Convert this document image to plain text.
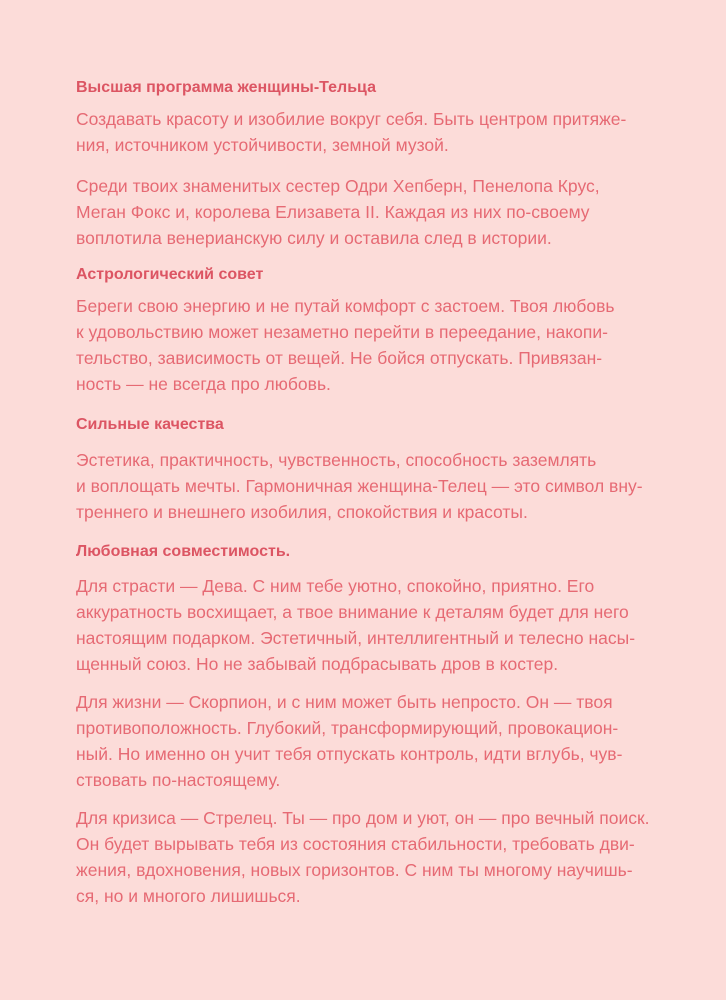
Высшая программа женщины-Тельца

Создавать красоту и изобилие вокруг себя. Быть центром притяже-

ния, источником устойчивости, земной музой.

Среди твоих знаменитых сестер Одри Хепберн, Пенелопа Крус,

Меган Фокс и, королева Елизавета II. Каждая из них по-своему

воплотила венерианскую силу и оставила след в истории.

Астрологический совет

Береги свою энергию и не путай комфорт с застоем. Твоя любовь

к удовольствию может незаметно перейти в переедание, накопи-

тельство, зависимость от вещей. Не бойся отпускать. Привязан-

ность — не всегда про любовь.

Сильные качества

Эстетика, практичность, чувственность, способность заземлять

и воплощать мечты. Гармоничная женщина-Телец — это символ вну-

треннего и внешнего изобилия, спокойствия и красоты.

Любовная совместимость.

Для страсти — Дева. С ним тебе уютно, спокойно, приятно. Его

аккуратность восхищает, а твое внимание к деталям будет для него

настоящим подарком. Эстетичный, интеллигентный и телесно насы-

щенный союз. Но не забывай подбрасывать дров в костер.

Для жизни — Скорпион, и с ним может быть непросто. Он — твоя

противоположность. Глубокий, трансформирующий, провокацион-

ный. Но именно он учит тебя отпускать контроль, идти вглубь, чув-

ствовать по-настоящему.

Для кризиса — Стрелец. Ты — про дом и уют, он — про вечный поиск.

Он будет вырывать тебя из состояния стабильности, требовать дви-

жения, вдохновения, новых горизонтов. С ним ты многому научишь-

ся, но и многого лишишься.
